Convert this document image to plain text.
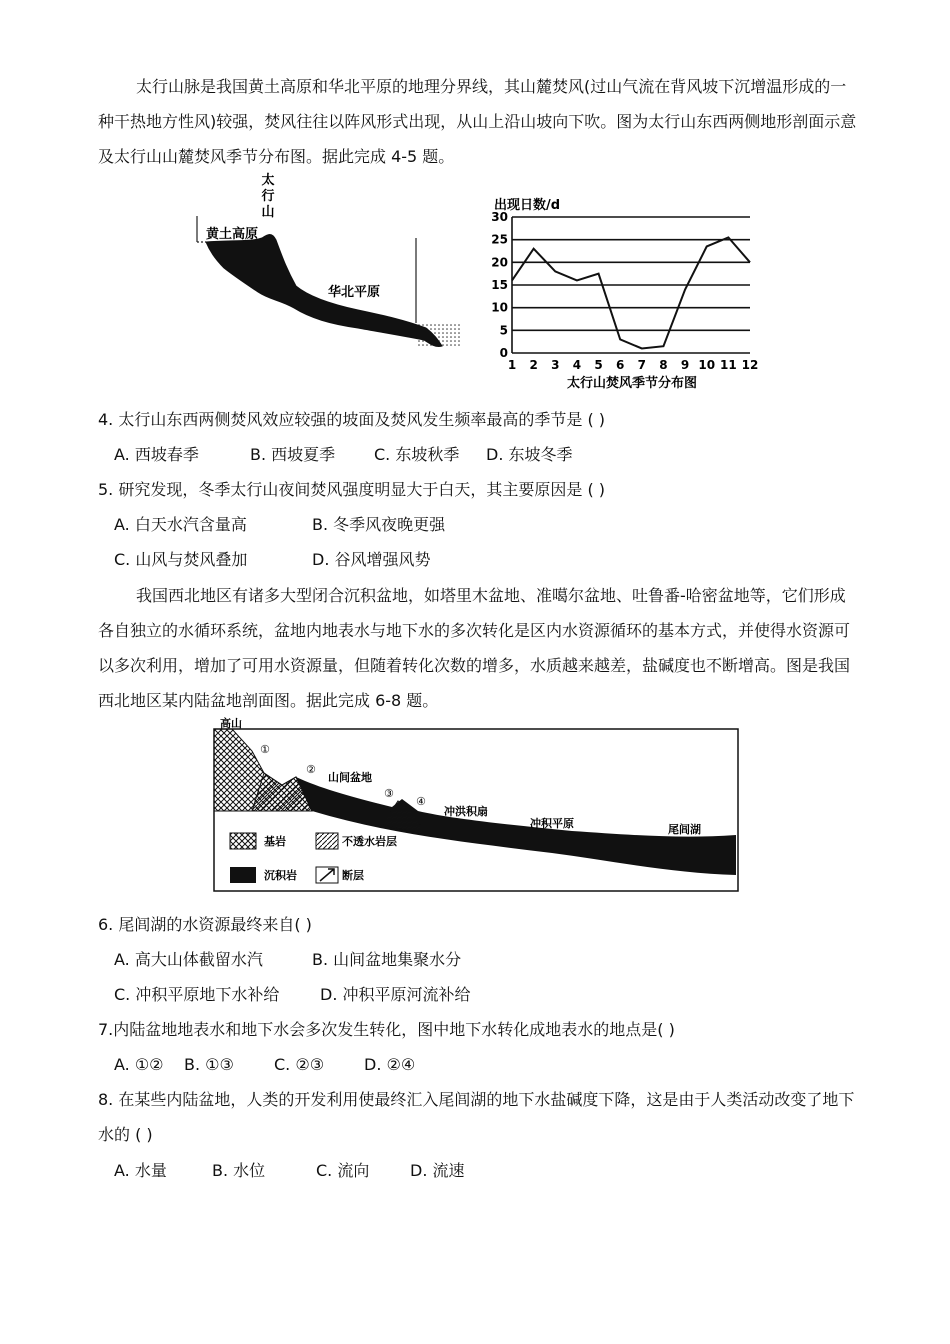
太行山脉是我国黄土高原和华北平原的地理分界线，其山麓焚风(过山气流在背风坡下沉增温形成的一种干热地方性风)较强，焚风往往以阵风形式出现，从山上沿山坡向下吹。图为太行山东西两侧地形剖面示意及太行山山麓焚风季节分布图。据此完成 4-5 题。

太
行
山
黄土高原
华北平原
出现日数/d
0
5
10
15
20
25
30
1 2 3 4 5 6 7 8 9 10 11 12
太行山焚风季节分布图
4. 太行山东西两侧焚风效应较强的坡面及焚风发生频率最高的季节是 ( )
A. 西坡春季	B. 西坡夏季 C. 东坡秋季 D. 东坡冬季
5. 研究发现，冬季太行山夜间焚风强度明显大于白天，其主要原因是 ( )
A. 白天水汽含量高	B. 冬季风夜晚更强
C. 山风与焚风叠加	D. 谷风增强风势

我国西北地区有诸多大型闭合沉积盆地，如塔里木盆地、准噶尔盆地、吐鲁番-哈密盆地等，它们形成各自独立的水循环系统，盆地内地表水与地下水的多次转化是区内水资源循环的基本方式，并使得水资源可以多次利用，增加了可用水资源量，但随着转化次数的增多，水质越来越差，盐碱度也不断增高。图是我国西北地区某内陆盆地剖面图。据此完成 6-8 题。

高山
①
②
山间盆地
③
④
冲洪积扇
冲积平原	尾闾湖
基岩	不透水岩层
沉积岩	断层
6. 尾闾湖的水资源最终来自( )
A. 高大山体截留水汽	B. 山间盆地集聚水分
C. 冲积平原地下水补给	D. 冲积平原河流补给
7.内陆盆地地表水和地下水会多次发生转化，图中地下水转化成地表水的地点是( )
A. ①② B. ①③	C. ②③ D. ②④

8. 在某些内陆盆地，人类的开发利用使最终汇入尾闾湖的地下水盐碱度下降，这是由于人类活动改变了地下水的 ( )

A. 水量	B. 水位	C. 流向	D. 流速
